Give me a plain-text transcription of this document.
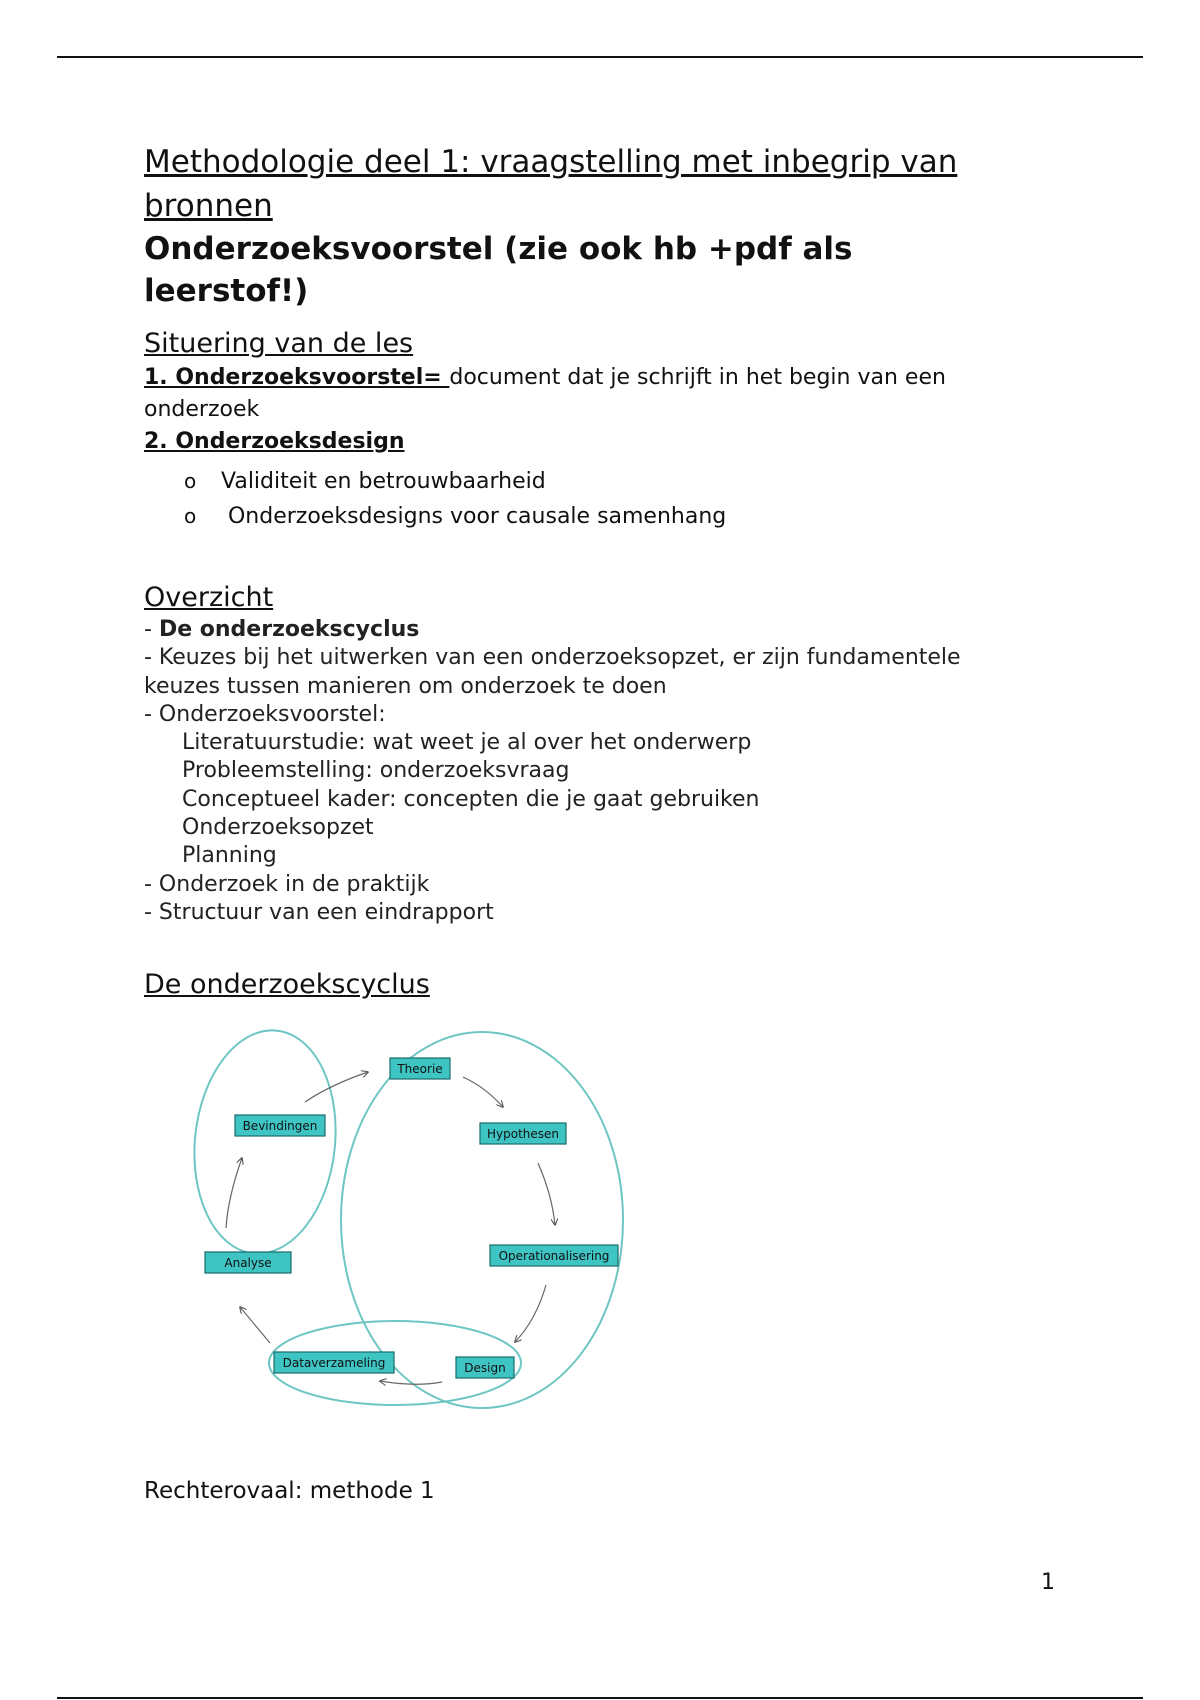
Methodologie deel 1: vraagstelling met inbegrip van
bronnen
Onderzoeksvoorstel (zie ook hb +pdf als
leerstof!)
Situering van de les
1. Onderzoeksvoorstel= document dat je schrijft in het begin van een
onderzoek
2. Onderzoeksdesign
o	Validiteit en betrouwbaarheid
o	Onderzoeksdesigns voor causale samenhang
Overzicht
- De onderzoekscyclus
- Keuzes bij het uitwerken van een onderzoeksopzet, er zijn fundamentele
keuzes tussen manieren om onderzoek te doen
- Onderzoeksvoorstel:
Literatuurstudie: wat weet je al over het onderwerp
Probleemstelling: onderzoeksvraag
Conceptueel kader: concepten die je gaat gebruiken
Onderzoeksopzet
Planning
- Onderzoek in de praktijk
- Structuur van een eindrapport
De onderzoekscyclus
Theorie
Hypothesen
Operationalisering
Design
Dataverzameling
Analyse
Bevindingen
Rechterovaal: methode 1
1
